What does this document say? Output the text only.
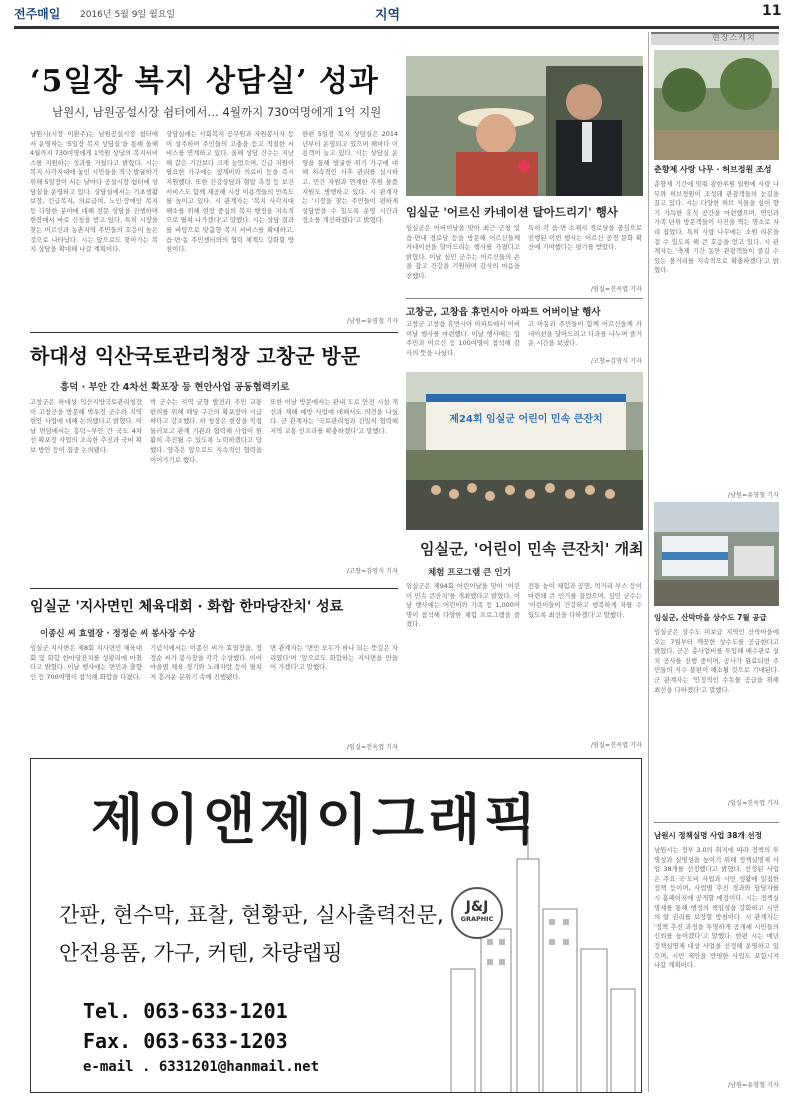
전주매일 2016년 5월 9일 월요일	지역	11
‘5일장 복지 상담실’ 성과
남원시, 남원공설시장 쉼터에서… 4월까지 730여명에게 1억 지원
남원시(시장 이환주)는 남원공설시장 쉼터에서 운영하는 '5일장 복지 상담실'을 통해 올해 4월까지 730여명에게 1억원 상당의 복지서비스를 지원하는 성과를 거뒀다고 밝혔다. 시는 복지 사각지대에 놓인 시민들을 적극 발굴하기 위해 5일장이 서는 날마다 공설시장 쉼터에 상담실을 운영하고 있다. 상담실에서는 기초생활보장, 긴급복지, 의료급여, 노인·장애인 복지 등 다양한 분야에 대해 전문 상담을 진행하며 현장에서 바로 신청을 받고 있다. 특히 시장을 찾는 어르신과 농촌지역 주민들의 호응이 높은 것으로 나타났다. 시는 앞으로도 찾아가는 복지 상담을 확대해 나갈 계획이다.
상담실에는 사회복지 공무원과 자원봉사자 등이 상주하며 주민들의 고충을 듣고 적절한 서비스를 연계하고 있다. 올해 상담 건수는 지난해 같은 기간보다 크게 늘었으며, 긴급 지원이 필요한 가구에는 생계비와 의료비 등을 즉시 지원했다. 또한 건강상담과 혈압 측정 등 보건 서비스도 함께 제공해 시장 이용객들의 만족도를 높이고 있다. 시 관계자는 '복지 사각지대 해소를 위해 현장 중심의 복지 행정을 지속적으로 펼쳐 나가겠다'고 말했다. 시는 상담 결과를 바탕으로 맞춤형 복지 서비스를 확대하고, 읍·면·동 주민센터와의 협력 체계도 강화할 방침이다.
한편 5일장 복지 상담실은 2014년부터 운영되고 있으며 해마다 이용객이 늘고 있다. 시는 상담실 운영을 통해 발굴한 위기 가구에 대해 지속적인 사후 관리를 실시하고, 민간 자원과 연계한 후원 물품 지원도 병행하고 있다. 시 관계자는 '시장을 찾는 주민들이 편하게 상담받을 수 있도록 운영 시간과 장소를 개선하겠다'고 밝혔다.
/남원=유영철 기자
임실군 '어르신 카네이션 달아드리기' 행사
임실군은 어버이날을 맞아 최근 군청 및 읍·면내 경로당 등을 방문해 어르신들께 카네이션을 달아드리는 행사를 가졌다고 밝혔다. 이날 심민 군수는 어르신들의 손을 잡고 건강을 기원하며 감사의 마음을 전했다.
특히 각 읍·면 소재지 경로당을 중심으로 진행된 이번 행사는 어르신 공경 문화 확산에 기여했다는 평가를 받았다.
/임실=진옥엽 기자
고창군, 고창읍 휴먼시아 아파트 어버이날 행사
고창군 고창읍 휴먼시아 아파트에서 어버이날 행사를 마련했다. 이날 행사에는 입주민과 어르신 등 100여명이 참석해 감사의 뜻을 나눴다.
고 아동과 주민들이 함께 어르신들께 카네이션을 달아드리고 다과를 나누며 즐거운 시간을 보냈다.
/고창=김영식 기자
하대성 익산국토관리청장 고창군 방문
흥덕 · 부안 간 4차선 확포장 등 현안사업 공동협력키로
고창군은 하대성 익산지방국토관리청장이 고창군을 방문해 박우정 군수와 지역 현안 사업에 대해 논의했다고 밝혔다. 이날 면담에서는 흥덕~부안 간 국도 4차선 확포장 사업의 조속한 추진과 국비 확보 방안 등이 집중 논의됐다.
박 군수는 지역 균형 발전과 주민 교통 편의를 위해 해당 구간의 확포장이 시급하다고 강조했다. 하 청장은 현장을 직접 둘러보고 관계 기관과 협력해 사업이 원활히 추진될 수 있도록 노력하겠다고 답했다. 양측은 앞으로도 지속적인 협력을 이어가기로 했다.
또한 이날 방문에서는 관내 도로 안전 시설 개선과 재해 예방 사업에 대해서도 의견을 나눴다. 군 관계자는 '국토관리청과 긴밀히 협력해 지역 교통 인프라를 확충하겠다'고 말했다.
/고창=김영식 기자
제24회 임실군 어린이 민속 큰잔치
임실군, '어린이 민속 큰잔치' 개최
체험 프로그램 큰 인기
임실군은 제94회 어린이날을 맞아 '어린이 민속 큰잔치'를 개최했다고 밝혔다. 이날 행사에는 어린이와 가족 등 1,000여명이 참석해 다양한 체험 프로그램을 즐겼다.
전통 놀이 체험과 공연, 먹거리 부스 등이 마련돼 큰 인기를 끌었으며, 심민 군수는 '어린이들이 건강하고 행복하게 자랄 수 있도록 최선을 다하겠다'고 말했다.
/임실=진옥엽 기자
임실군 '지사면민 체육대회 · 화합 한마당잔치' 성료
이종신 씨 효열장 · 정정순 씨 봉사장 수상
임실군 지사면은 제8회 지사면민 체육대회 및 화합 한마당잔치를 성황리에 마쳤다고 밝혔다. 이날 행사에는 면민과 출향인 등 700여명이 참석해 화합을 다졌다.
기념식에서는 이종신 씨가 효열장을, 정정순 씨가 봉사장을 각각 수상했다. 이어 마을별 체육 경기와 노래자랑 등이 펼쳐져 흥겨운 분위기 속에 진행됐다.
면 관계자는 '면민 모두가 하나 되는 뜻깊은 자리였다'며 '앞으로도 화합하는 지사면을 만들어 가겠다'고 말했다.
/임실=진옥엽 기자
제이앤제이그래픽
J&J
GRAPHIC
간판, 현수막, 표찰, 현황판, 실사출력전문,
안전용품, 가구, 커텐, 차량랩핑
Tel. 063-633-1201
Fax. 063-633-1203
e-mail . 6331201@hanmail.net
현장스케치
춘향제 사랑 나무 · 허브정원 조성
춘향제 기간에 맞춰 광한루원 일원에 사랑 나무와 허브정원이 조성돼 관광객들의 눈길을 끌고 있다. 시는 다양한 허브 식물을 심어 향기 가득한 휴식 공간을 마련했으며, 연인과 가족 단위 방문객들이 사진을 찍는 명소로 자리 잡았다. 특히 사랑 나무에는 소원 리본을 걸 수 있도록 해 큰 호응을 얻고 있다. 시 관계자는 '축제 기간 동안 관광객들이 즐길 수 있는 볼거리를 지속적으로 확충하겠다'고 밝혔다.
/남원=유영철 기자
임실군, 산막마을 상수도 7월 공급
임실군은 상수도 미보급 지역인 산막마을에 오는 7월부터 깨끗한 상수도를 공급한다고 밝혔다. 군은 총사업비를 투입해 배수관로 설치 공사를 진행 중이며, 공사가 완료되면 주민들의 식수 불편이 해소될 것으로 기대된다. 군 관계자는 '안정적인 수돗물 공급을 위해 최선을 다하겠다'고 말했다.
/임실=진옥엽 기자
남원시 정책실명 사업 38개 선정
남원시는 정부 3.0의 취지에 따라 정책의 투명성과 실명성을 높이기 위해 정책실명제 사업 38개를 선정했다고 밝혔다. 선정된 사업은 주요 국·도비 사업과 시민 생활에 밀접한 정책 등이며, 사업별 추진 경과와 담당자를 시 홈페이지에 공개할 예정이다. 시는 정책실명제를 통해 행정의 책임성을 강화하고 시민의 알 권리를 보장할 방침이다. 시 관계자는 '정책 추진 과정을 투명하게 공개해 시민들의 신뢰를 높이겠다'고 말했다. 한편 시는 매년 정책실명제 대상 사업을 선정해 운영하고 있으며, 시민 제안을 반영한 사업도 포함시켜 나갈 계획이다.
/남원=유영철 기자
